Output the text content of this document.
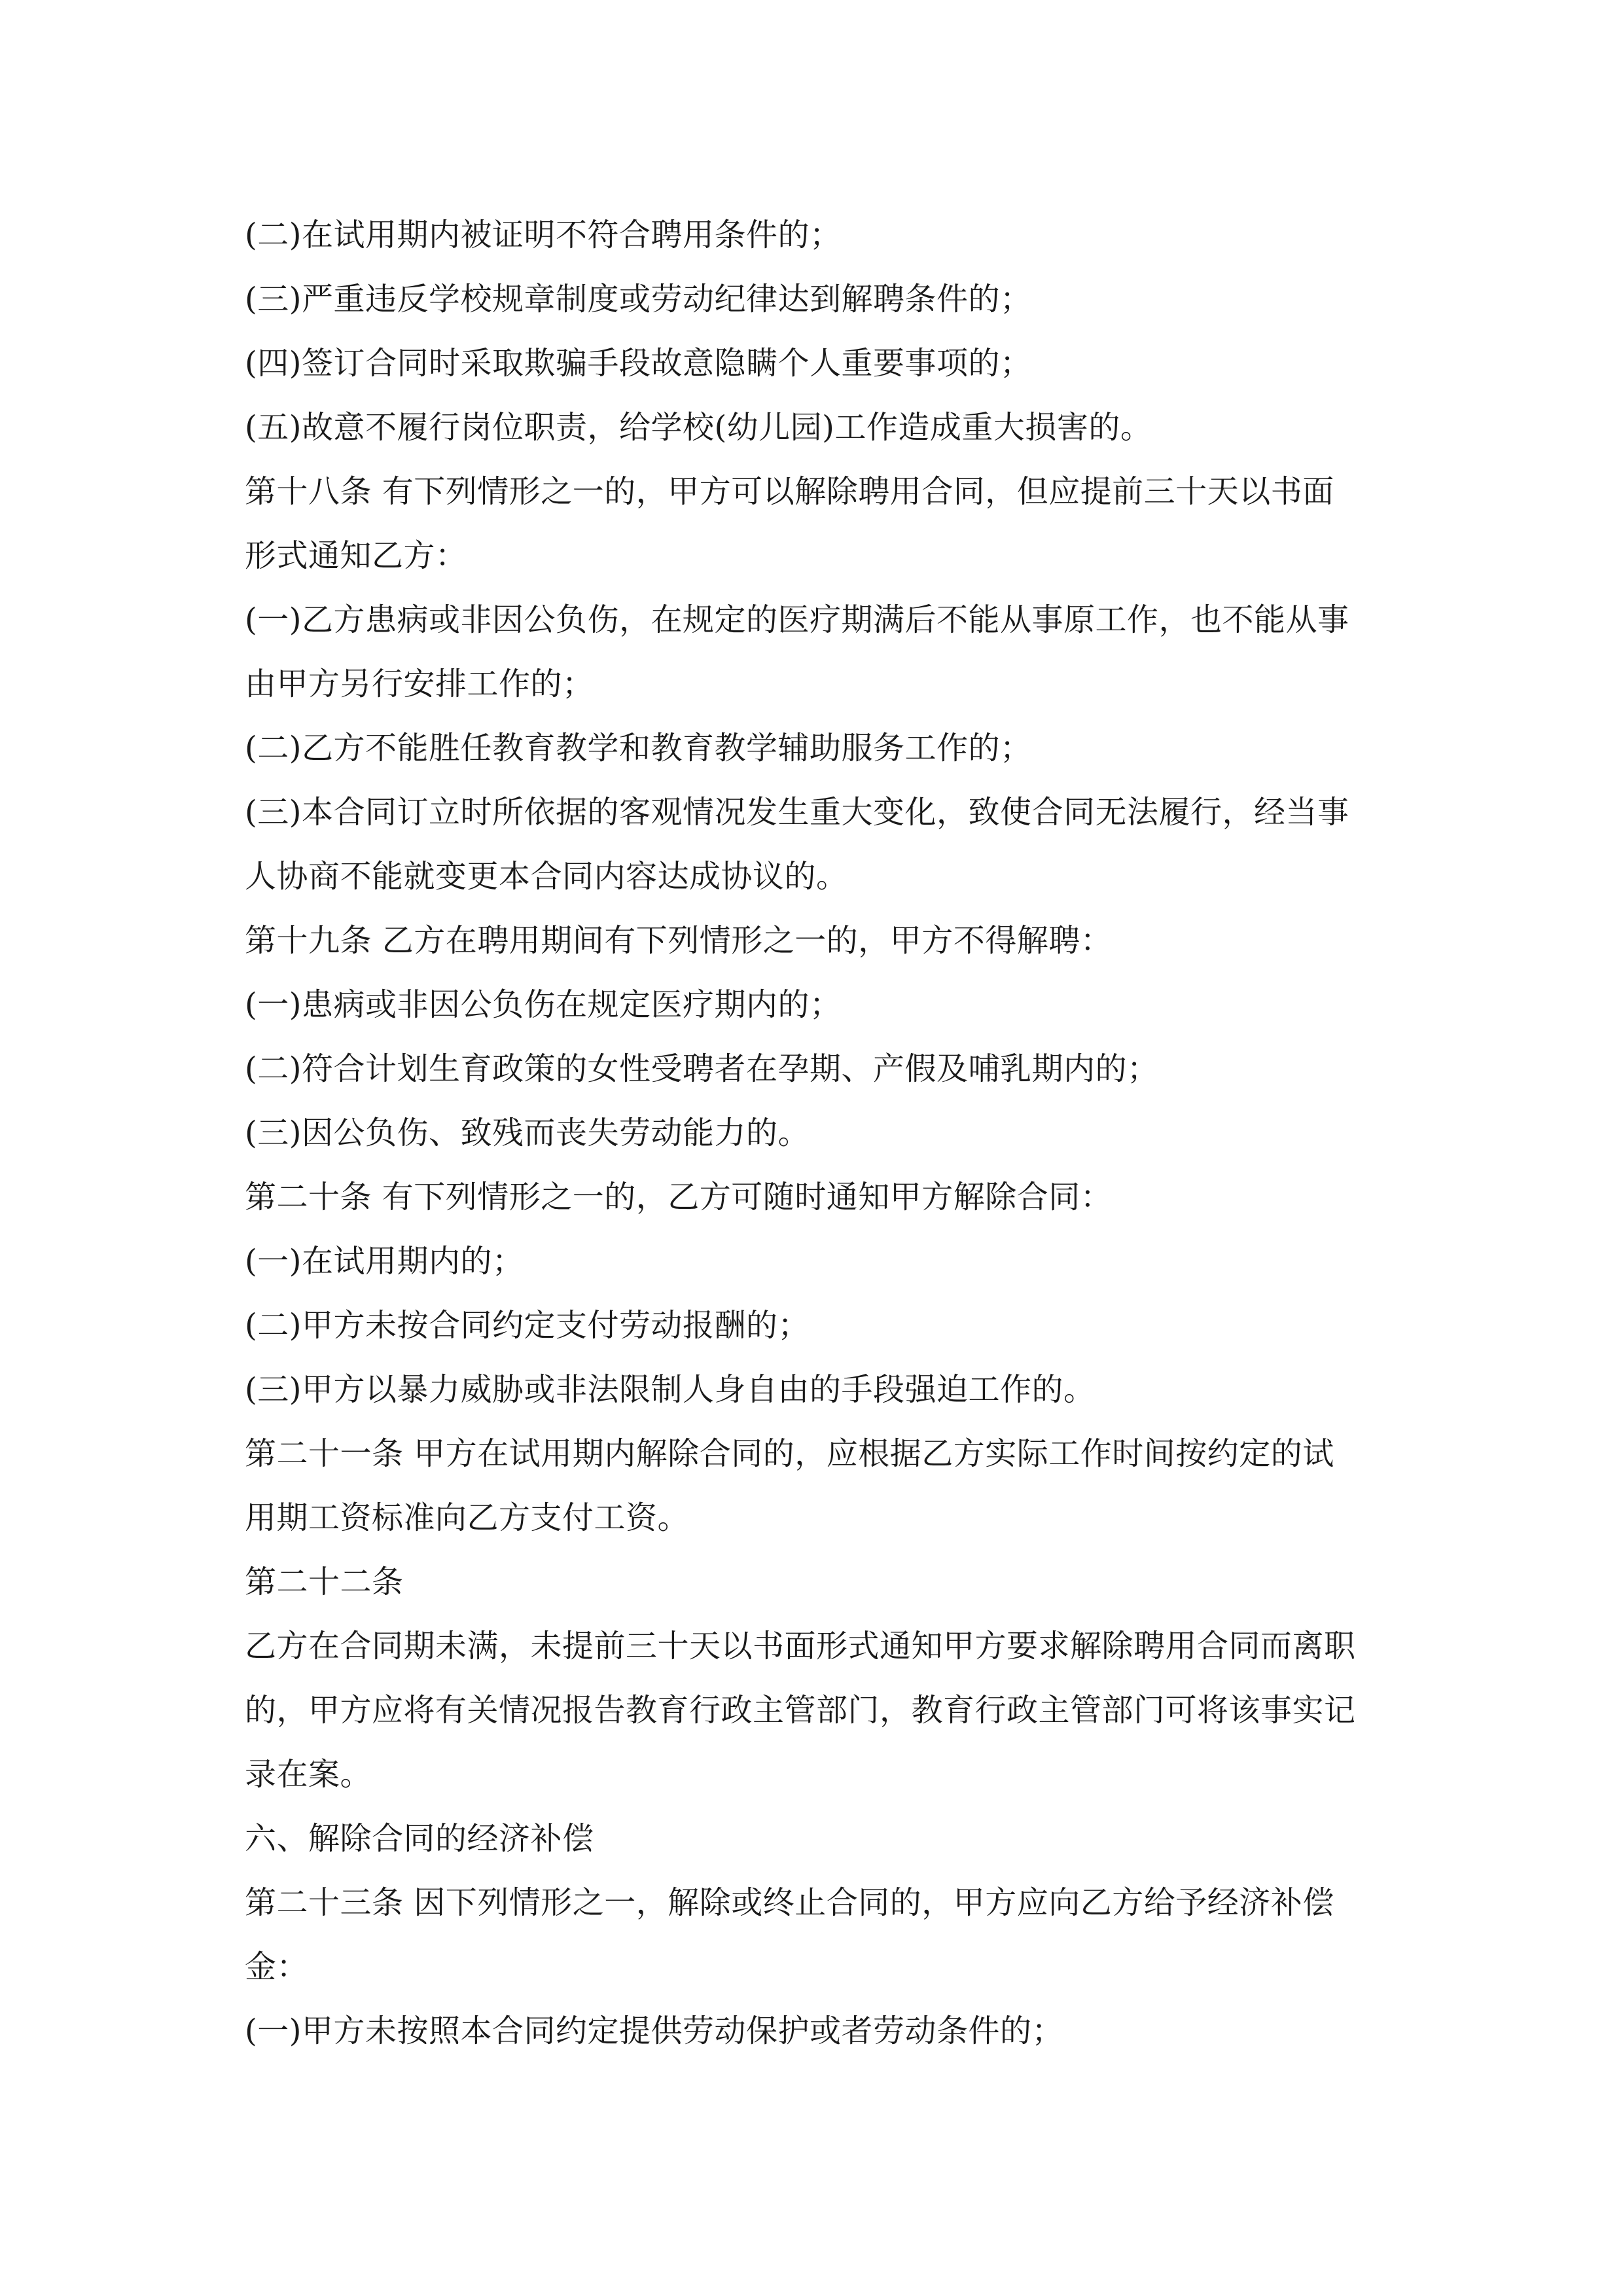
(二)在试用期内被证明不符合聘用条件的；
(三)严重违反学校规章制度或劳动纪律达到解聘条件的；
(四)签订合同时采取欺骗手段故意隐瞒个人重要事项的；
(五)故意不履行岗位职责，给学校(幼儿园)工作造成重大损害的。
第十八条 有下列情形之一的，甲方可以解除聘用合同，但应提前三十天以书面
形式通知乙方：
(一)乙方患病或非因公负伤，在规定的医疗期满后不能从事原工作，也不能从事
由甲方另行安排工作的；
(二)乙方不能胜任教育教学和教育教学辅助服务工作的；
(三)本合同订立时所依据的客观情况发生重大变化，致使合同无法履行，经当事
人协商不能就变更本合同内容达成协议的。
第十九条 乙方在聘用期间有下列情形之一的，甲方不得解聘：
(一)患病或非因公负伤在规定医疗期内的；
(二)符合计划生育政策的女性受聘者在孕期、产假及哺乳期内的；
(三)因公负伤、致残而丧失劳动能力的。
第二十条 有下列情形之一的，乙方可随时通知甲方解除合同：
(一)在试用期内的；
(二)甲方未按合同约定支付劳动报酬的；
(三)甲方以暴力威胁或非法限制人身自由的手段强迫工作的。
第二十一条 甲方在试用期内解除合同的，应根据乙方实际工作时间按约定的试
用期工资标准向乙方支付工资。
第二十二条
乙方在合同期未满，未提前三十天以书面形式通知甲方要求解除聘用合同而离职
的，甲方应将有关情况报告教育行政主管部门，教育行政主管部门可将该事实记
录在案。
六、解除合同的经济补偿
第二十三条 因下列情形之一，解除或终止合同的，甲方应向乙方给予经济补偿
金：
(一)甲方未按照本合同约定提供劳动保护或者劳动条件的；
